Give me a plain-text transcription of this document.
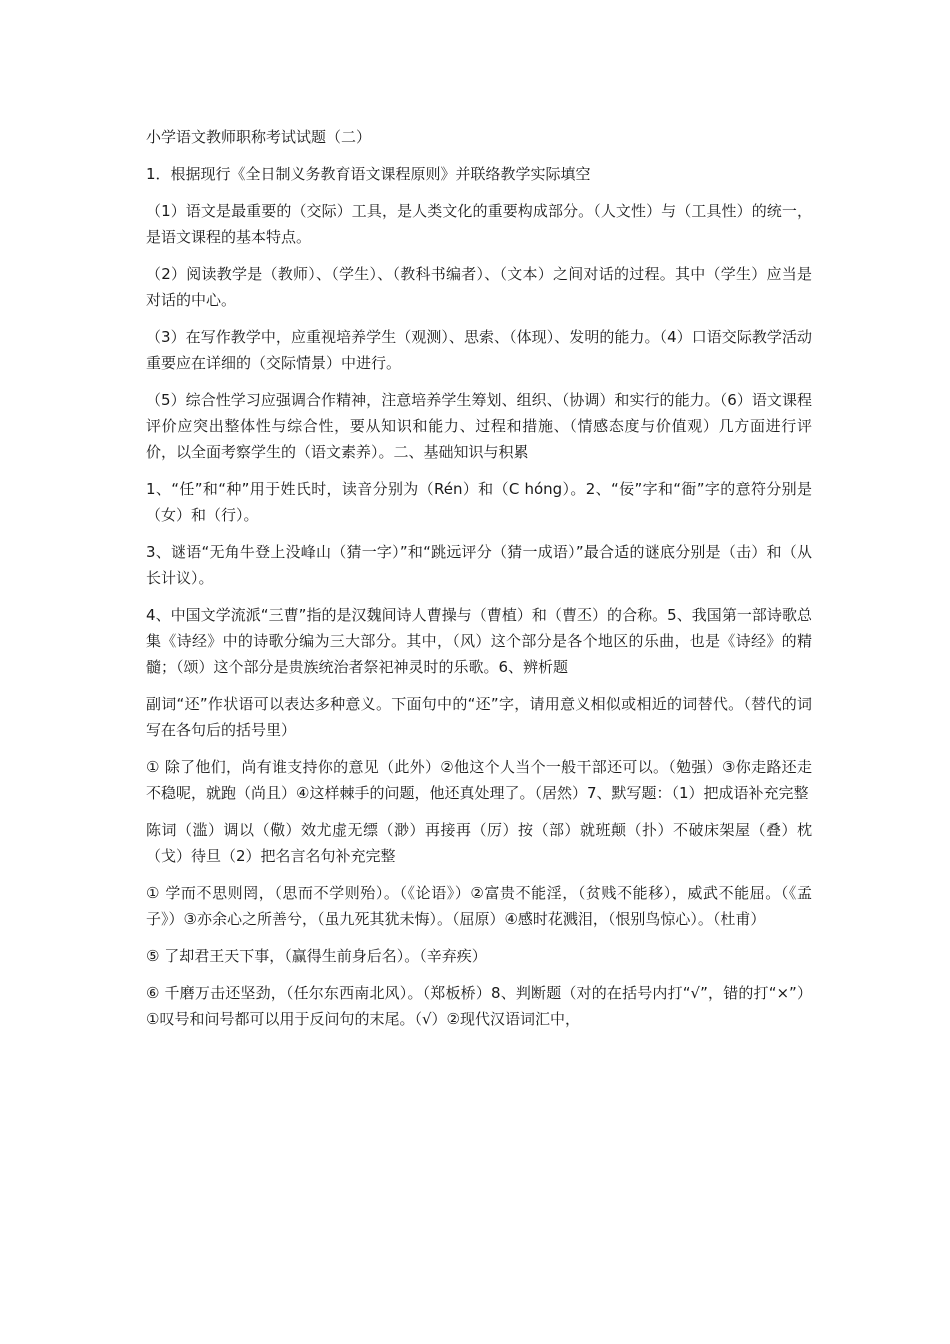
小学语文教师职称考试试题（二）

1．根据现行《全日制义务教育语文课程原则》并联络教学实际填空

（1）语文是最重要的（交际）工具，是人类文化的重要构成部分。（人文性）与（工具性）的统一，是语文课程的基本特点。

（2）阅读教学是（教师）、（学生）、（教科书编者）、（文本）之间对话的过程。其中（学生）应当是对话的中心。

（3）在写作教学中，应重视培养学生（观测）、思索、（体现）、发明的能力。（4）口语交际教学活动重要应在详细的（交际情景）中进行。

（5）综合性学习应强调合作精神，注意培养学生筹划、组织、（协调）和实行的能力。（6）语文课程评价应突出整体性与综合性，要从知识和能力、过程和措施、（情感态度与价值观）几方面进行评价，以全面考察学生的（语文素养）。二、基础知识与积累

1、“任”和“种”用于姓氏时，读音分别为（Rén）和（C hóng）。2、“佞”字和“衙”字的意符分别是（女）和（行）。

3、谜语“无角牛登上没峰山（猜一字）”和“跳远评分（猜一成语）”最合适的谜底分别是（击）和（从长计议）。

4、中国文学流派“三曹”指的是汉魏间诗人曹操与（曹植）和（曹丕）的合称。5、我国第一部诗歌总集《诗经》中的诗歌分编为三大部分。其中，（风）这个部分是各个地区的乐曲，也是《诗经》的精髓；（颂）这个部分是贵族统治者祭祀神灵时的乐歌。6、辨析题

副词“还”作状语可以表达多种意义。下面句中的“还”字，请用意义相似或相近的词替代。（替代的词写在各句后的括号里）

① 除了他们，尚有谁支持你的意见（此外）②他这个人当个一般干部还可以。（勉强）③你走路还走不稳呢，就跑（尚且）④这样棘手的问题，他还真处理了。（居然）7、默写题：（1）把成语补充完整

陈词（滥）调以（儆）效尤虚无缥（渺）再接再（厉）按（部）就班颠（扑）不破床架屋（叠）枕（戈）待旦（2）把名言名句补充完整

① 学而不思则罔，（思而不学则殆）。（《论语》）②富贵不能淫，（贫贱不能移），威武不能屈。（《孟子》）③亦余心之所善兮，（虽九死其犹未悔）。（屈原）④感时花溅泪，（恨别鸟惊心）。（杜甫）

⑤ 了却君王天下事，（赢得生前身后名）。（辛弃疾）

⑥ 千磨万击还坚劲，（任尔东西南北风）。（郑板桥）8、判断题（对的在括号内打“√”，错的打“×”）①叹号和问号都可以用于反问句的末尾。（√）②现代汉语词汇中，
